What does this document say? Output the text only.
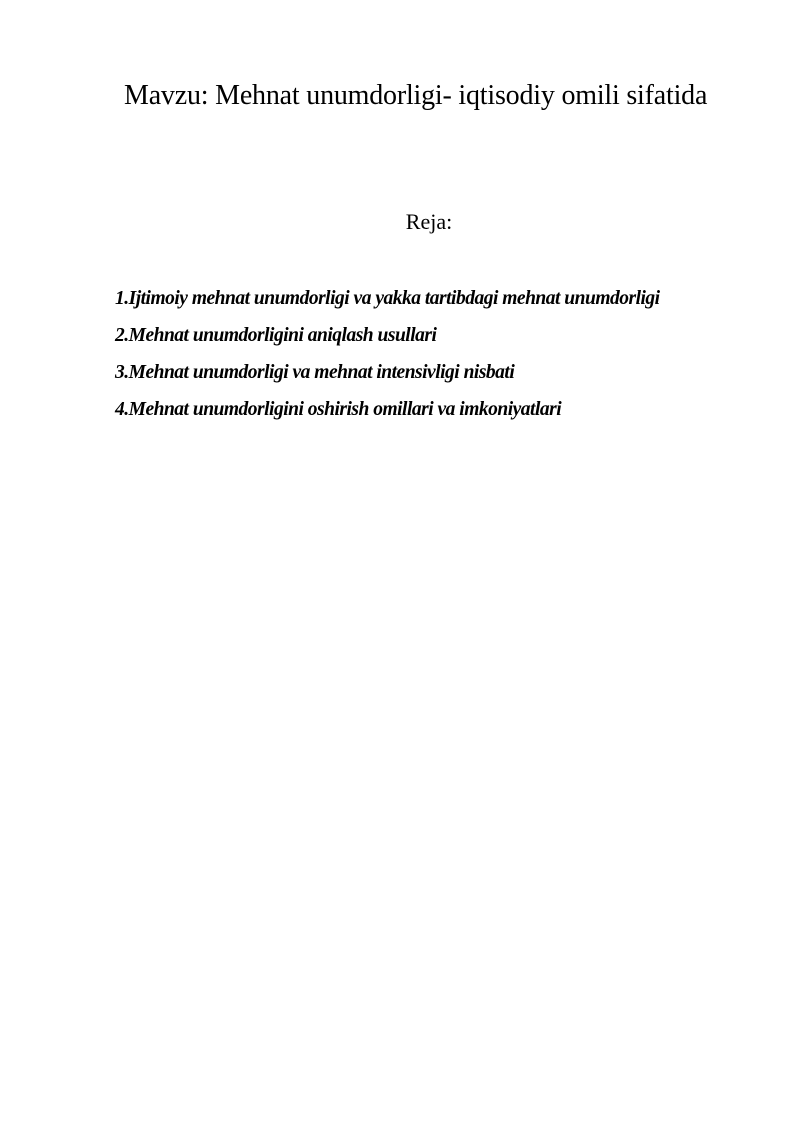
Mavzu: Mehnat unumdorligi- iqtisodiy omili sifatida
Reja:
1.Ijtimoiy mehnat unumdorligi va yakka tartibdagi mehnat unumdorligi
2.Mehnat unumdorligini aniqlash usullari
3.Mehnat unumdorligi va mehnat intensivligi nisbati
4.Mehnat unumdorligini oshirish omillari va imkoniyatlari
